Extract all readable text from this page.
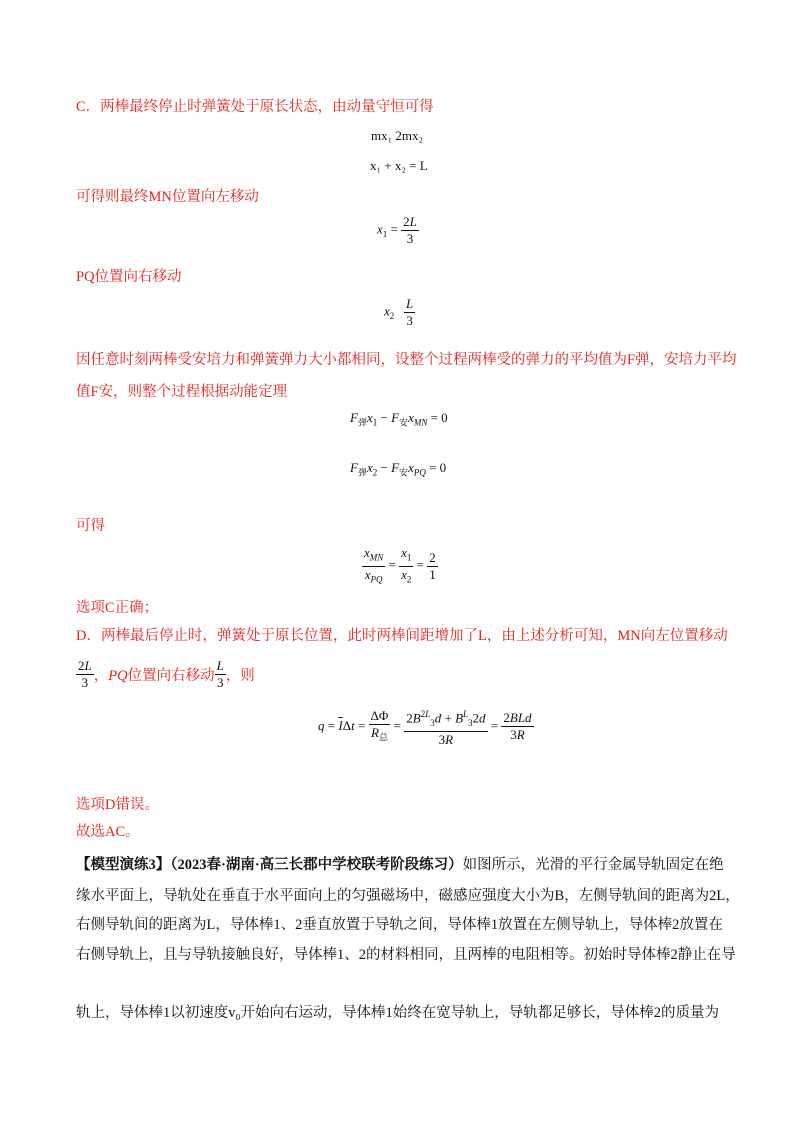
C．两棒最终停止时弹簧处于原长状态，由动量守恒可得
mx₁ 2mx₂
x₁ + x₂ = L
可得则最终MN位置向左移动
$x_1 = \frac{2L}{3}$
PQ位置向右移动
$x_2 \frac{L}{3}$
因任意时刻两棒受安培力和弹簧弹力大小都相同，设整个过程两棒受的弹力的平均值为F弹，安培力平均
值F安，则整个过程根据动能定理
$F_弹x_1 - F_安x_{MN} = 0$
$F_弹x_2 - F_安x_{PQ} = 0$
可得
$\frac{x_{MN}}{x_{PQ}} = \frac{x_1}{x_2} = \frac{2}{1}$
选项C正确；
D．两棒最后停止时，弹簧处于原长位置，此时两棒间距增加了L，由上述分析可知，MN向左位置移动
$\frac{2L}{3}$ ，PQ位置向右移动 $\frac{L}{3}$ ，则
$q = \overline{I}\Delta t = \frac{\Delta\Phi}{R_总} = \frac{2B^{2L}_3d + B^L_32d}{3R} = \frac{\text{2BLd}}{3R}$
选项D错误。
故选AC。
【模型演练3】（2023春·湖南·高三长郡中学校联考阶段练习）如图所示，光滑的平行金属导轨固定在绝
缘水平面上，导轨处在垂直于水平面向上的匀强磁场中，磁感应强度大小为B，左侧导轨间的距离为2L，
右侧导轨间的距离为L，导体棒1、2垂直放置于导轨之间，导体棒1放置在左侧导轨上，导体棒2放置在
右侧导轨上，且与导轨接触良好，导体棒1、2的材料相同，且两棒的电阻相等。初始时导体棒2静止在导
轨上，导体棒1以初速度v₀开始向右运动，导体棒1始终在宽导轨上，导轨都足够长，导体棒2的质量为
